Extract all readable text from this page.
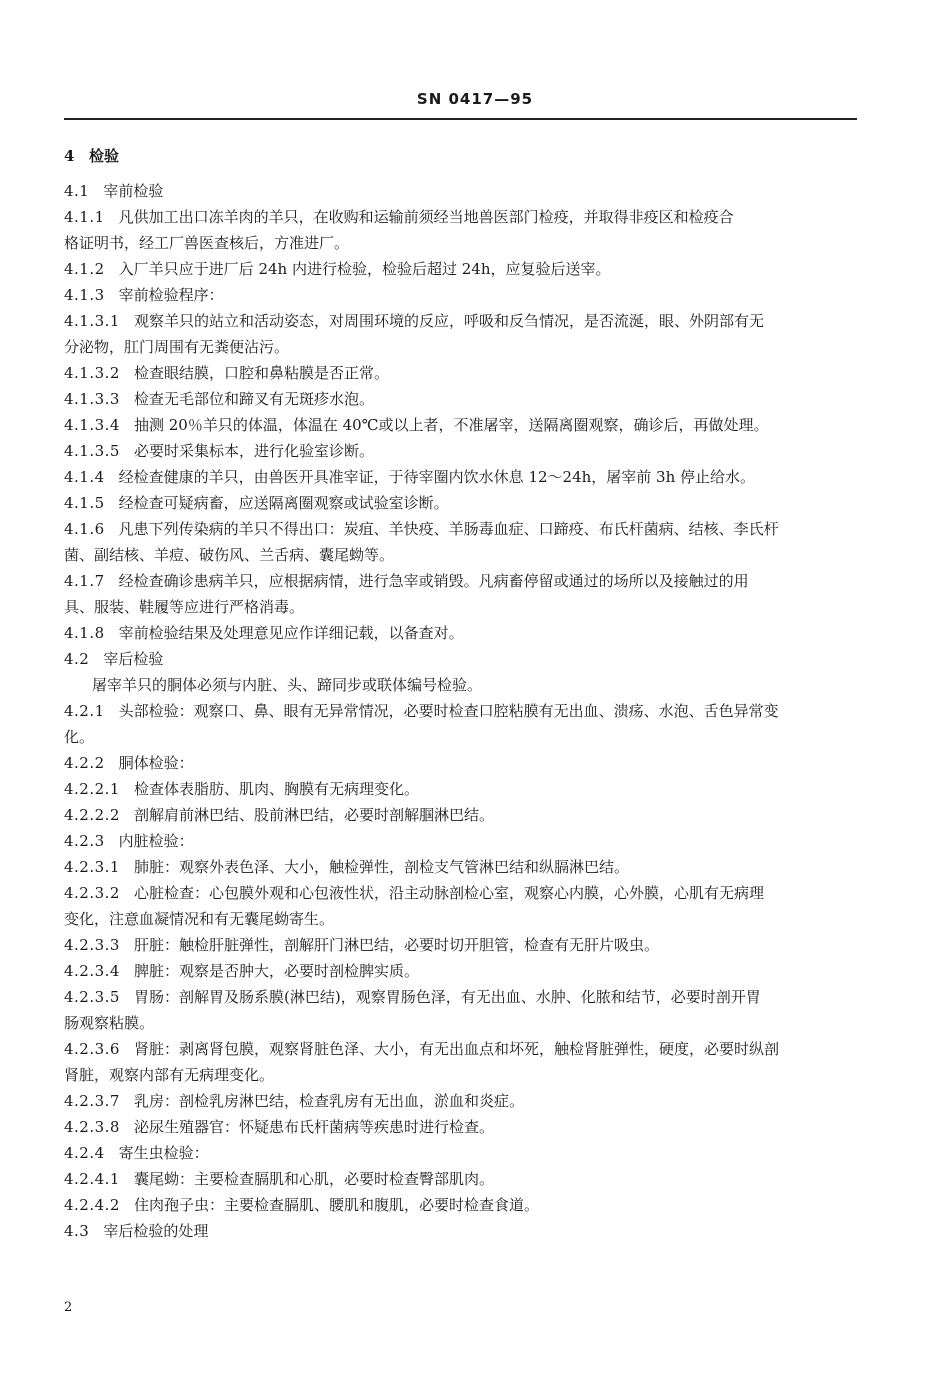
SN 0417—95
4 检验
4.1 宰前检验
4.1.1 凡供加工出口冻羊肉的羊只，在收购和运输前须经当地兽医部门检疫，并取得非疫区和检疫合
格证明书，经工厂兽医查核后，方准进厂。
4.1.2 入厂羊只应于进厂后 24h 内进行检验，检验后超过 24h，应复验后送宰。
4.1.3 宰前检验程序：
4.1.3.1 观察羊只的站立和活动姿态，对周围环境的反应，呼吸和反刍情况，是否流涎，眼、外阴部有无
分泌物，肛门周围有无粪便沾污。
4.1.3.2 检查眼结膜，口腔和鼻粘膜是否正常。
4.1.3.3 检查无毛部位和蹄叉有无斑疹水泡。
4.1.3.4 抽测 20％羊只的体温，体温在 40℃或以上者，不准屠宰，送隔离圈观察，确诊后，再做处理。
4.1.3.5 必要时采集标本，进行化验室诊断。
4.1.4 经检查健康的羊只，由兽医开具准宰证，于待宰圈内饮水休息 12～24h，屠宰前 3h 停止给水。
4.1.5 经检查可疑病畜，应送隔离圈观察或试验室诊断。
4.1.6 凡患下列传染病的羊只不得出口：炭疽、羊快疫、羊肠毒血症、口蹄疫、布氏杆菌病、结核、李氏杆
菌、副结核、羊痘、破伤风、兰舌病、囊尾蚴等。
4.1.7 经检查确诊患病羊只，应根据病情，进行急宰或销毁。凡病畜停留或通过的场所以及接触过的用
具、服装、鞋履等应进行严格消毒。
4.1.8 宰前检验结果及处理意见应作详细记载，以备查对。
4.2 宰后检验
屠宰羊只的胴体必须与内脏、头、蹄同步或联体编号检验。
4.2.1 头部检验：观察口、鼻、眼有无异常情况，必要时检查口腔粘膜有无出血、溃疡、水泡、舌色异常变
化。
4.2.2 胴体检验：
4.2.2.1 检查体表脂肪、肌肉、胸膜有无病理变化。
4.2.2.2 剖解肩前淋巴结、股前淋巴结，必要时剖解腘淋巴结。
4.2.3 内脏检验：
4.2.3.1 肺脏：观察外表色泽、大小，触检弹性，剖检支气管淋巴结和纵膈淋巴结。
4.2.3.2 心脏检查：心包膜外观和心包液性状，沿主动脉剖检心室，观察心内膜，心外膜，心肌有无病理
变化，注意血凝情况和有无囊尾蚴寄生。
4.2.3.3 肝脏：触检肝脏弹性，剖解肝门淋巴结，必要时切开胆管，检查有无肝片吸虫。
4.2.3.4 脾脏：观察是否肿大，必要时剖检脾实质。
4.2.3.5 胃肠：剖解胃及肠系膜(淋巴结)，观察胃肠色泽，有无出血、水肿、化脓和结节，必要时剖开胃
肠观察粘膜。
4.2.3.6 肾脏：剥离肾包膜，观察肾脏色泽、大小，有无出血点和坏死，触检肾脏弹性，硬度，必要时纵剖
肾脏，观察内部有无病理变化。
4.2.3.7 乳房：剖检乳房淋巴结，检查乳房有无出血，淤血和炎症。
4.2.3.8 泌尿生殖器官：怀疑患布氏杆菌病等疾患时进行检查。
4.2.4 寄生虫检验：
4.2.4.1 囊尾蚴：主要检查膈肌和心肌，必要时检查臀部肌肉。
4.2.4.2 住肉孢子虫：主要检查膈肌、腰肌和腹肌，必要时检查食道。
4.3 宰后检验的处理
2
